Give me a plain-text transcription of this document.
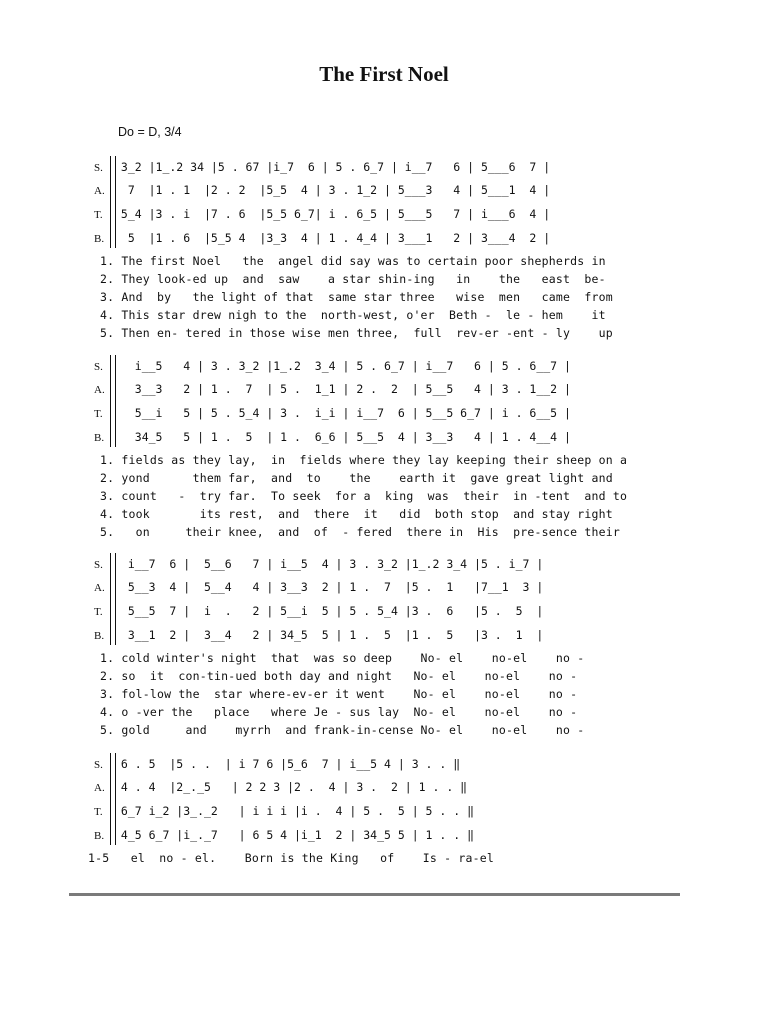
The First Noel
Do = D, 3/4
S. 3_2 |1_.2 34 |5 . 67 |i_7  6 | 5 . 6_7 | i__7   6 | 5___6  7 |
A.  7  |1 . 1  |2 . 2  |5_5  4 | 3 . 1_2 | 5___3   4 | 5___1  4 |
T. 5_4 |3 . i  |7 . 6  |5_5 6_7| i . 6_5 | 5___5   7 | i___6  4 |
B.  5  |1 . 6  |5_5 4  |3_3  4 | 1 . 4_4 | 3___1   2 | 3___4  2 |
1. The first Noel   the  angel did say was to certain poor shepherds in
2. They look-ed up  and  saw    a star shin-ing   in    the   east  be-
3. And  by   the light of that  same star three   wise  men   came  from
4. This star drew nigh to the  north-west, o'er  Beth -  le - hem    it
5. Then en- tered in those wise men three,  full  rev-er -ent - ly    up
S.   i__5   4 | 3 . 3_2 |1_.2  3_4 | 5 . 6_7 | i__7   6 | 5 . 6__7 |
A.   3__3   2 | 1 .  7  | 5 .  1_1 | 2 .  2  | 5__5   4 | 3 . 1__2 |
T.   5__i   5 | 5 . 5_4 | 3 .  i_i | i__7  6 | 5__5 6_7 | i . 6__5 |
B.   34_5   5 | 1 .  5  | 1 .  6_6 | 5__5  4 | 3__3   4 | 1 . 4__4 |
1. fields as they lay,  in  fields where they lay keeping their sheep on a
2. yond      them far,  and  to    the    earth it  gave great light and
3. count   -  try far.  To seek  for a  king  was  their  in -tent  and to
4. took       its rest,  and  there  it   did  both stop  and stay right
5.   on     their knee,  and  of  - fered  there in  His  pre-sence their
S.  i__7  6 |  5__6   7 | i__5  4 | 3 . 3_2 |1_.2 3_4 |5 . i_7 |
A.  5__3  4 |  5__4   4 | 3__3  2 | 1 .  7  |5 .  1   |7__1  3 |
T.  5__5  7 |  i  .   2 | 5__i  5 | 5 . 5_4 |3 .  6   |5 .  5  |
B.  3__1  2 |  3__4   2 | 34_5  5 | 1 .  5  |1 .  5   |3 .  1  |
1. cold winter's night  that  was so deep    No- el    no-el    no -
2. so  it  con-tin-ued both day and night   No- el    no-el    no -
3. fol-low the  star where-ev-er it went    No- el    no-el    no -
4. o -ver the   place   where Je - sus lay  No- el    no-el    no -
5. gold     and    myrrh  and frank-in-cense No- el    no-el    no -
S. 6 . 5  |5 . .  | i 7 6 |5_6  7 | i__5 4 | 3 . . ‖
A. 4 . 4  |2_._5   | 2 2 3 |2 .  4 | 3 .  2 | 1 . . ‖
T. 6_7 i_2 |3_._2   | i i i |i .  4 | 5 .  5 | 5 . . ‖
B. 4_5 6_7 |i_._7   | 6 5 4 |i_1  2 | 34_5 5 | 1 . . ‖
1-5   el  no - el.    Born is the King   of    Is - ra-el
